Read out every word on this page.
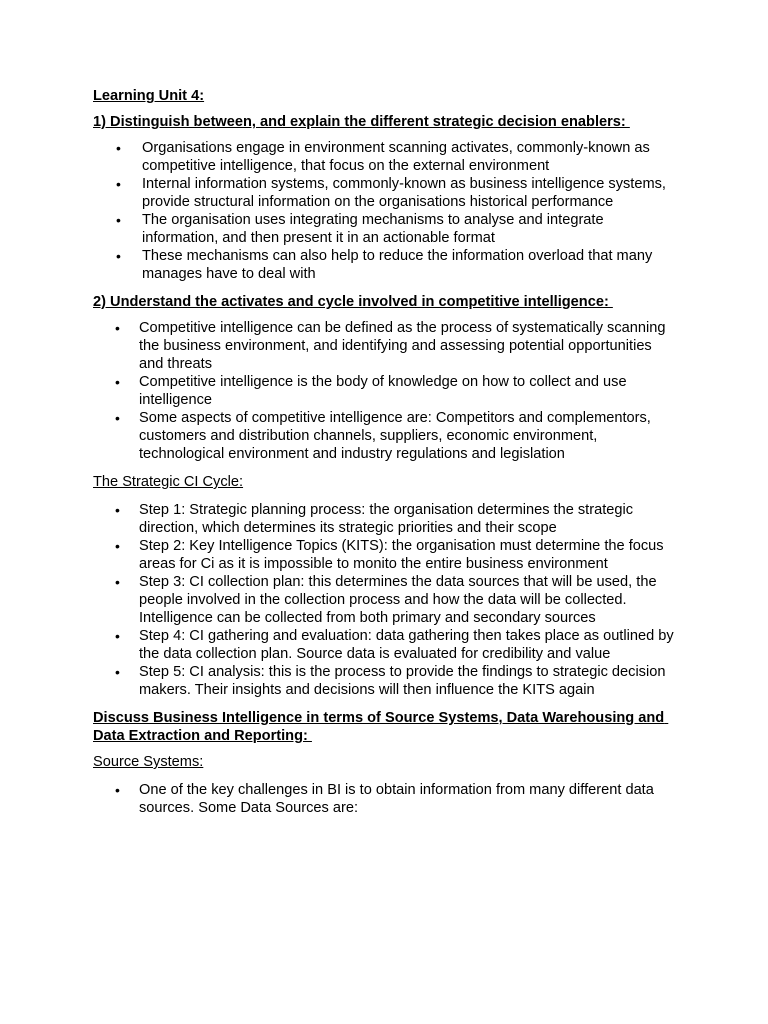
Learning Unit 4:
1) Distinguish between, and explain the different strategic decision enablers:
• Organisations engage in environment scanning activates, commonly-known as competitive intelligence, that focus on the external environment
• Internal information systems, commonly-known as business intelligence systems, provide structural information on the organisations historical performance
• The organisation uses integrating mechanisms to analyse and integrate information, and then present it in an actionable format
• These mechanisms can also help to reduce the information overload that many manages have to deal with
2) Understand the activates and cycle involved in competitive intelligence:
• Competitive intelligence can be defined as the process of systematically scanning the business environment, and identifying and assessing potential opportunities and threats
• Competitive intelligence is the body of knowledge on how to collect and use intelligence
• Some aspects of competitive intelligence are: Competitors and complementors, customers and distribution channels, suppliers, economic environment, technological environment and industry regulations and legislation
The Strategic CI Cycle:
• Step 1: Strategic planning process: the organisation determines the strategic direction, which determines its strategic priorities and their scope
• Step 2: Key Intelligence Topics (KITS): the organisation must determine the focus areas for Ci as it is impossible to monito the entire business environment
• Step 3: CI collection plan: this determines the data sources that will be used, the people involved in the collection process and how the data will be collected. Intelligence can be collected from both primary and secondary sources
• Step 4: CI gathering and evaluation: data gathering then takes place as outlined by the data collection plan. Source data is evaluated for credibility and value
• Step 5: CI analysis: this is the process to provide the findings to strategic decision makers. Their insights and decisions will then influence the KITS again
Discuss Business Intelligence in terms of Source Systems, Data Warehousing and Data Extraction and Reporting:
Source Systems:
• One of the key challenges in BI is to obtain information from many different data sources. Some Data Sources are:
